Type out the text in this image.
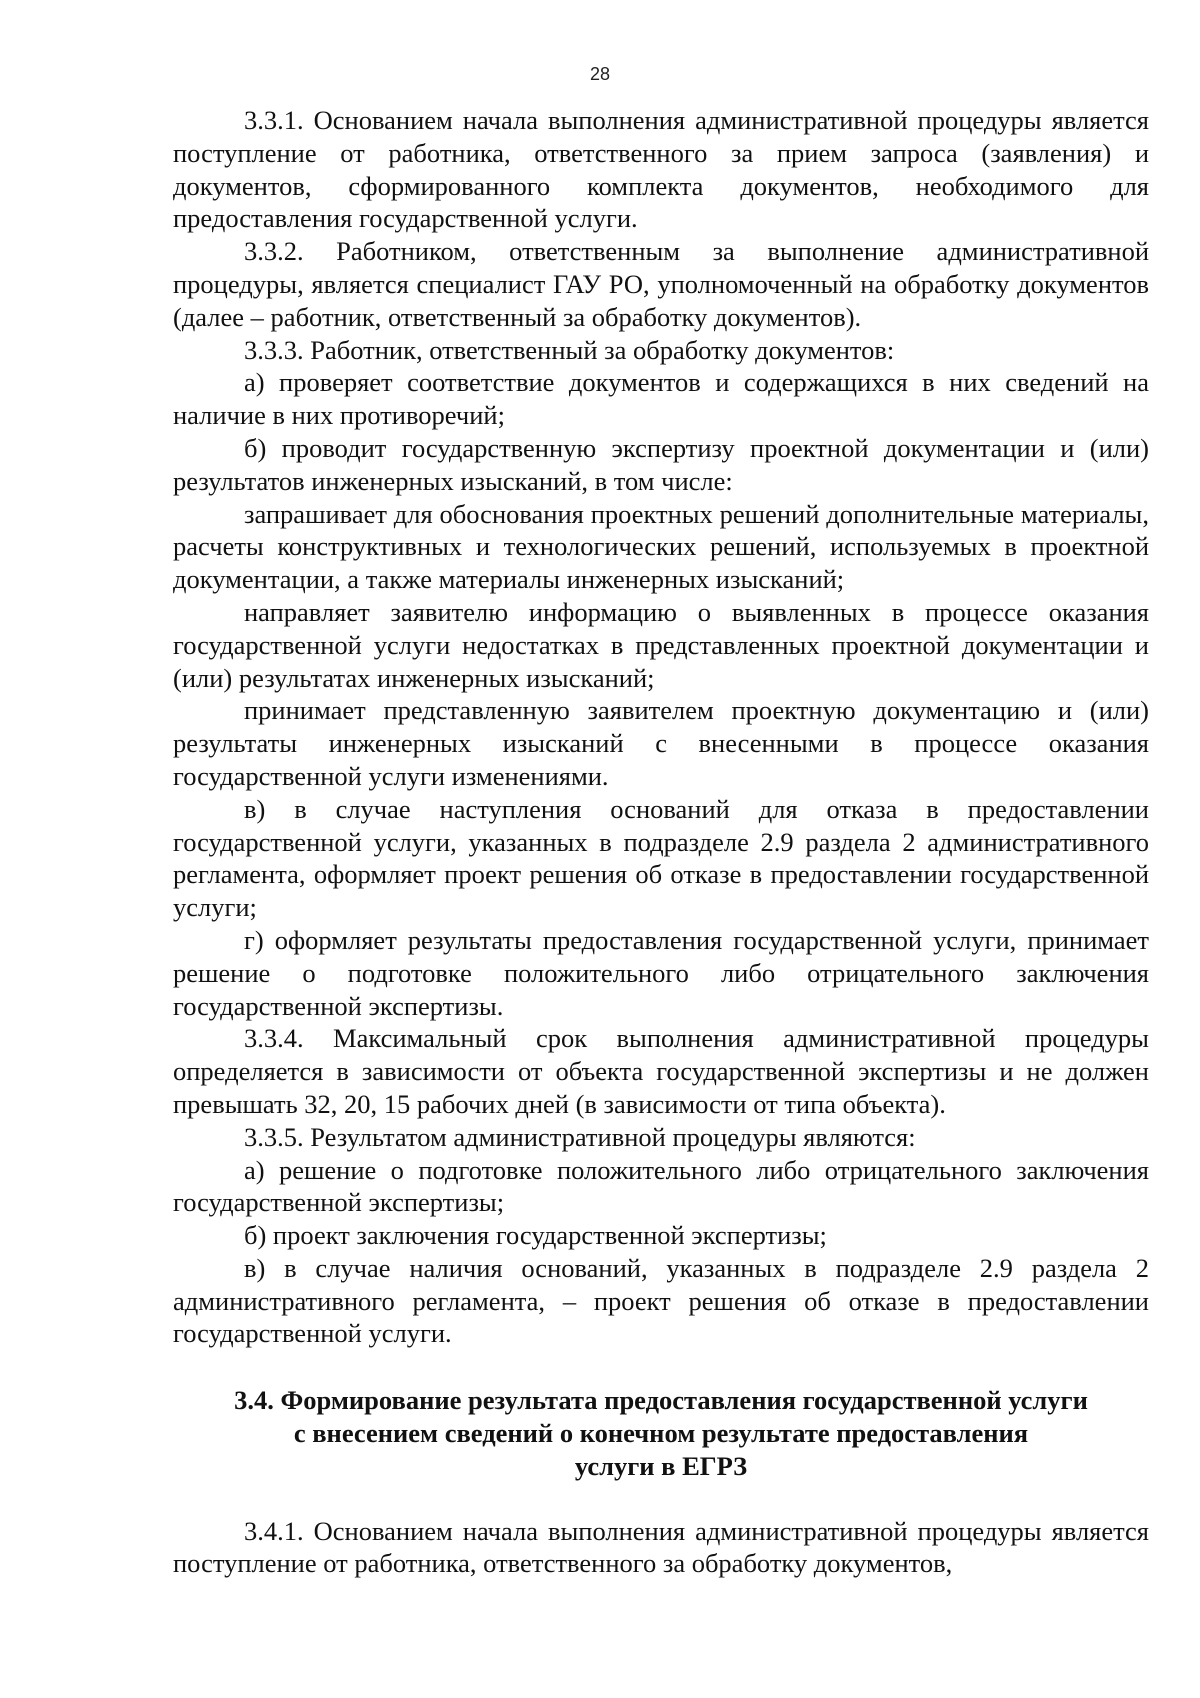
28

3.3.1. Основанием начала выполнения административной процедуры является поступление от работника, ответственного за прием запроса (заявления) и документов, сформированного комплекта документов, необходимого для предоставления государственной услуги.

3.3.2. Работником, ответственным за выполнение административной процедуры, является специалист ГАУ РО, уполномоченный на обработку документов (далее – работник, ответственный за обработку документов).

3.3.3. Работник, ответственный за обработку документов:

а) проверяет соответствие документов и содержащихся в них сведений на наличие в них противоречий;

б) проводит государственную экспертизу проектной документации и (или) результатов инженерных изысканий, в том числе:

запрашивает для обоснования проектных решений дополнительные материалы, расчеты конструктивных и технологических решений, используемых в проектной документации, а также материалы инженерных изысканий;

направляет заявителю информацию о выявленных в процессе оказания государственной услуги недостатках в представленных проектной документации и (или) результатах инженерных изысканий;

принимает представленную заявителем проектную документацию и (или) результаты инженерных изысканий с внесенными в процессе оказания государственной услуги изменениями.

в) в случае наступления оснований для отказа в предоставлении государственной услуги, указанных в подразделе 2.9 раздела 2 административного регламента, оформляет проект решения об отказе в предоставлении государственной услуги;

г) оформляет результаты предоставления государственной услуги, принимает решение о подготовке положительного либо отрицательного заключения государственной экспертизы.

3.3.4. Максимальный срок выполнения административной процедуры определяется в зависимости от объекта государственной экспертизы и не должен превышать 32, 20, 15 рабочих дней (в зависимости от типа объекта).

3.3.5. Результатом административной процедуры являются:

а) решение о подготовке положительного либо отрицательного заключения государственной экспертизы;

б) проект заключения государственной экспертизы;

в) в случае наличия оснований, указанных в подразделе 2.9 раздела 2 административного регламента, – проект решения об отказе в предоставлении государственной услуги.

3.4. Формирование результата предоставления государственной услуги
с внесением сведений о конечном результате предоставления
услуги в ЕГРЗ

3.4.1. Основанием начала выполнения административной процедуры является поступление от работника, ответственного за обработку документов,
